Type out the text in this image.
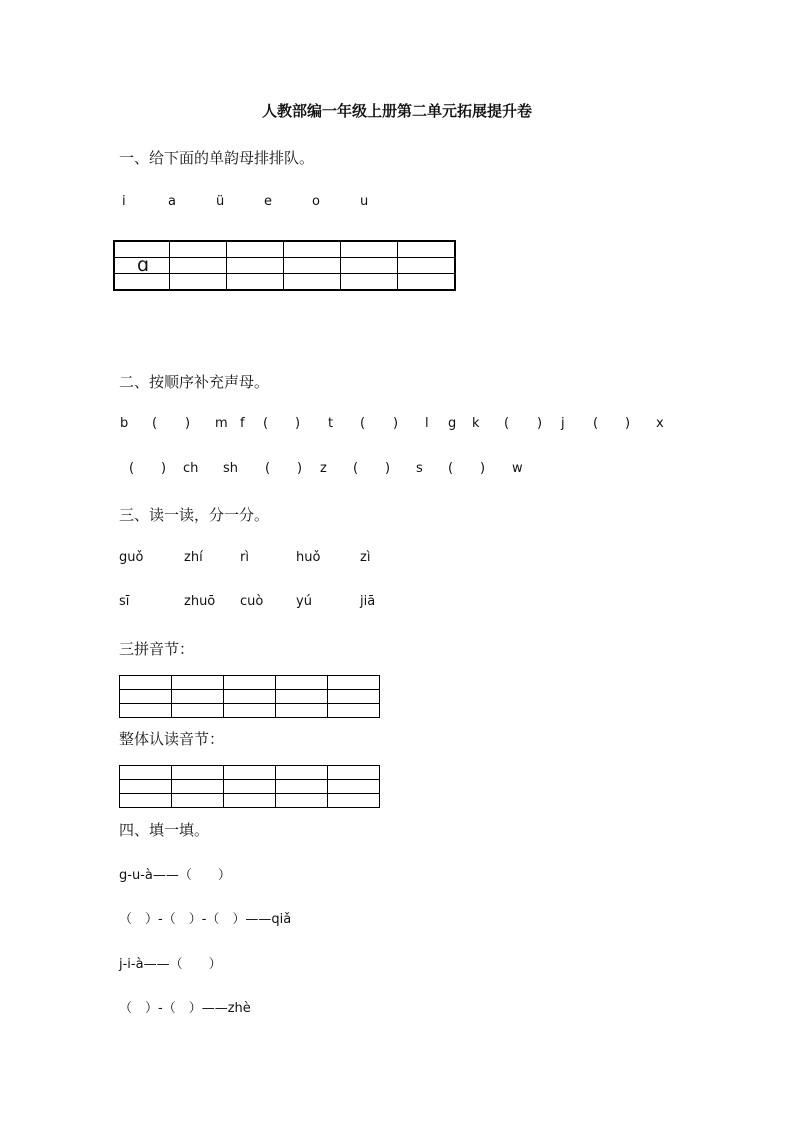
人教部编一年级上册第二单元拓展提升卷
一、给下面的单韵母排排队。
i	a	ü	e	o	u

ɑ					

二、按顺序补充声母。
b ( ) m f ( ) t ( ) l g k ( ) j ( ) x
( ) ch sh ( ) z ( ) s ( ) w
三、读一读，分一分。
guǒ	zhí	rì	huǒ	zì
sī	zhuō cuò	yú	jiā
三拼音节：

整体认读音节：

四、填一填。
g-u-à——（　　）
（　）-（　）-（　）——qiǎ
j-i-à——（　　）
（　）-（　）——zhè
